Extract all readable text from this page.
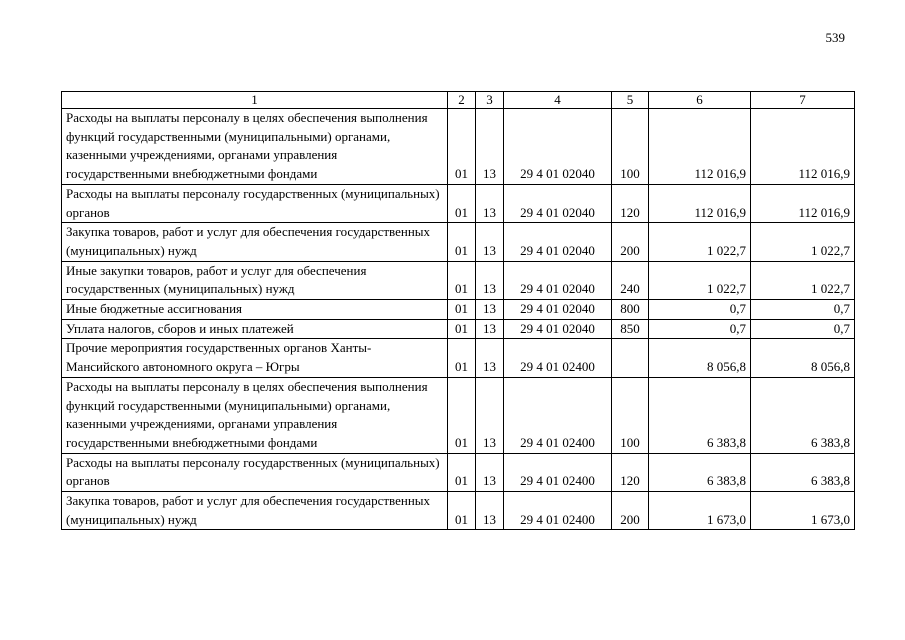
539
1	2	3	4	5	6	7
Расходы на выплаты персоналу в целях обеспечения выполнения функций государственными (муниципальными) органами, казенными учреждениями, органами управления государственными внебюджетными фондами	01	13	29 4 01 02040	100	112 016,9	112 016,9
Расходы на выплаты персоналу государственных (муниципальных) органов	01	13	29 4 01 02040	120	112 016,9	112 016,9
Закупка товаров, работ и услуг для обеспечения государственных (муниципальных) нужд	01	13	29 4 01 02040	200	1 022,7	1 022,7
Иные закупки товаров, работ и услуг для обеспечения государственных (муниципальных) нужд	01	13	29 4 01 02040	240	1 022,7	1 022,7
Иные бюджетные ассигнования	01	13	29 4 01 02040	800	0,7	0,7
Уплата налогов, сборов и иных платежей	01	13	29 4 01 02040	850	0,7	0,7
Прочие мероприятия государственных органов Ханты-Мансийского автономного округа – Югры	01	13	29 4 01 02400		8 056,8	8 056,8
Расходы на выплаты персоналу в целях обеспечения выполнения функций государственными (муниципальными) органами, казенными учреждениями, органами управления государственными внебюджетными фондами	01	13	29 4 01 02400	100	6 383,8	6 383,8
Расходы на выплаты персоналу государственных (муниципальных) органов	01	13	29 4 01 02400	120	6 383,8	6 383,8
Закупка товаров, работ и услуг для обеспечения государственных (муниципальных) нужд	01	13	29 4 01 02400	200	1 673,0	1 673,0
